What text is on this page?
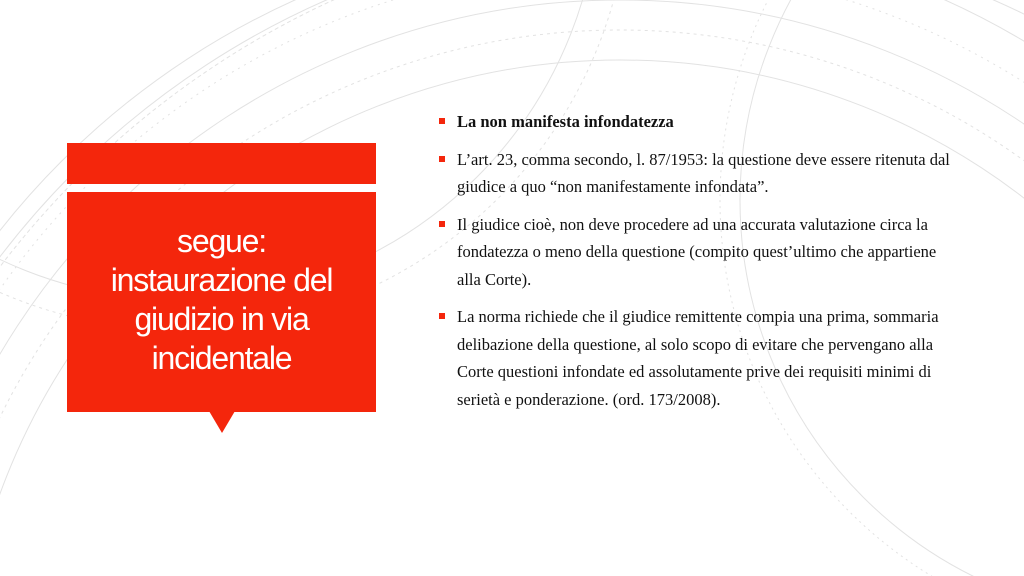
segue:
instaurazione del
giudizio in via
incidentale
La non manifesta infondatezza
L’art. 23, comma secondo, l. 87/1953: la questione deve essere ritenuta dal giudice a quo “non manifestamente infondata”.
Il giudice cioè, non deve procedere ad una accurata valutazione circa la fondatezza o meno della questione (compito quest’ultimo che appartiene alla Corte).
La norma richiede che il giudice remittente compia una prima, sommaria delibazione della questione, al solo scopo di evitare che pervengano alla Corte questioni infondate ed assolutamente prive dei requisiti minimi di serietà e ponderazione. (ord. 173/2008).
